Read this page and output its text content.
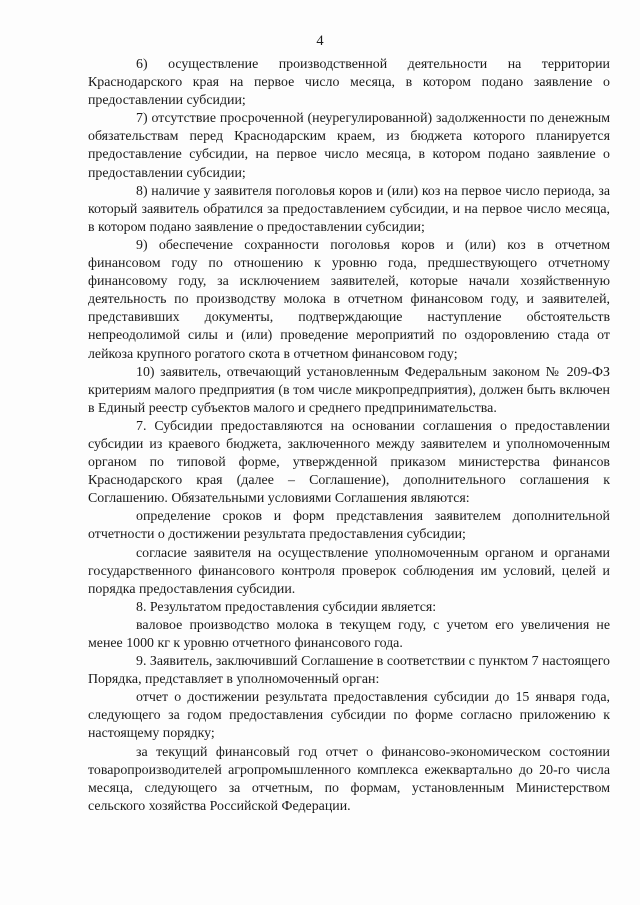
4

6) осуществление производственной деятельности на территории Краснодарского края на первое число месяца, в котором подано заявление о предоставлении субсидии;

7) отсутствие просроченной (неурегулированной) задолженности по денежным обязательствам перед Краснодарским краем, из бюджета которого планируется предоставление субсидии, на первое число месяца, в котором подано заявление о предоставлении субсидии;

8) наличие у заявителя поголовья коров и (или) коз на первое число периода, за который заявитель обратился за предоставлением субсидии, и на первое число месяца, в котором подано заявление о предоставлении субсидии;

9) обеспечение сохранности поголовья коров и (или) коз в отчетном финансовом году по отношению к уровню года, предшествующего отчетному финансовому году, за исключением заявителей, которые начали хозяйственную деятельность по производству молока в отчетном финансовом году, и заявителей, представивших документы, подтверждающие наступление обстоятельств непреодолимой силы и (или) проведение мероприятий по оздоровлению стада от лейкоза крупного рогатого скота в отчетном финансовом году;

10) заявитель, отвечающий установленным Федеральным законом № 209-ФЗ критериям малого предприятия (в том числе микропредприятия), должен быть включен в Единый реестр субъектов малого и среднего предпринимательства.

7. Субсидии предоставляются на основании соглашения о предоставлении субсидии из краевого бюджета, заключенного между заявителем и уполномоченным органом по типовой форме, утвержденной приказом министерства финансов Краснодарского края (далее – Соглашение), дополнительного соглашения к Соглашению. Обязательными условиями Соглашения являются:

определение сроков и форм представления заявителем дополнительной отчетности о достижении результата предоставления субсидии;

согласие заявителя на осуществление уполномоченным органом и органами государственного финансового контроля проверок соблюдения им условий, целей и порядка предоставления субсидии.

8. Результатом предоставления субсидии является:

валовое производство молока в текущем году, с учетом его увеличения не менее 1000 кг к уровню отчетного финансового года.

9. Заявитель, заключивший Соглашение в соответствии с пунктом 7 настоящего Порядка, представляет в уполномоченный орган:

отчет о достижении результата предоставления субсидии до 15 января года, следующего за годом предоставления субсидии по форме согласно приложению к настоящему порядку;

за текущий финансовый год отчет о финансово-экономическом состоянии товаропроизводителей агропромышленного комплекса ежеквартально до 20-го числа месяца, следующего за отчетным, по формам, установленным Министерством сельского хозяйства Российской Федерации.
